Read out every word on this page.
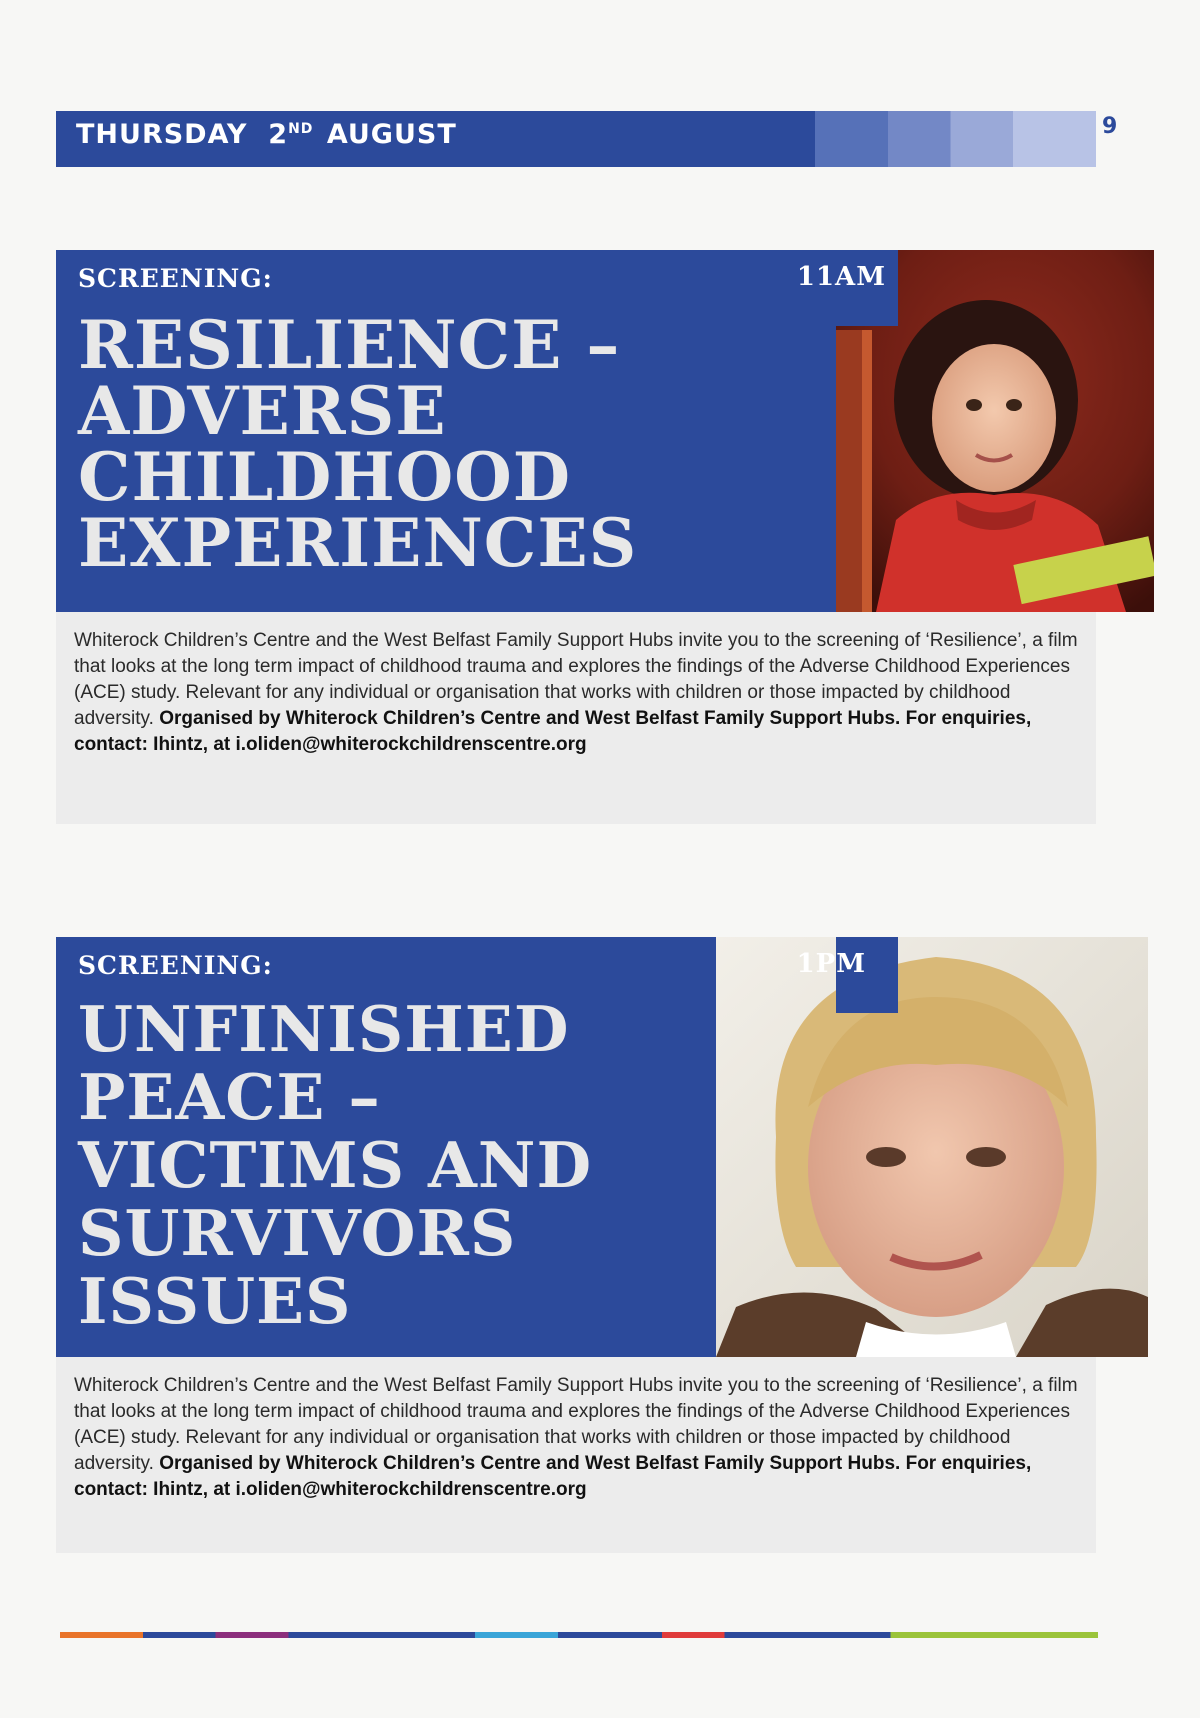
THURSDAY 2ND AUGUST	9
SCREENING:	11AM
RESILIENCE – ADVERSE CHILDHOOD EXPERIENCES
Whiterock Children’s Centre and the West Belfast Family Support Hubs invite you to the screening of ‘Resilience’, a film that looks at the long term impact of childhood trauma and explores the findings of the Adverse Childhood Experiences (ACE) study. Relevant for any individual or organisation that works with children or those impacted by childhood adversity. Organised by Whiterock Children’s Centre and West Belfast Family Support Hubs. For enquiries, contact: Ihintz, at i.oliden@whiterockchildrenscentre.org
SCREENING:	1PM
UNFINISHED PEACE – VICTIMS AND SURVIVORS ISSUES
Whiterock Children’s Centre and the West Belfast Family Support Hubs invite you to the screening of ‘Resilience’, a film that looks at the long term impact of childhood trauma and explores the findings of the Adverse Childhood Experiences (ACE) study. Relevant for any individual or organisation that works with children or those impacted by childhood adversity. Organised by Whiterock Children’s Centre and West Belfast Family Support Hubs. For enquiries, contact: Ihintz, at i.oliden@whiterockchildrenscentre.org
